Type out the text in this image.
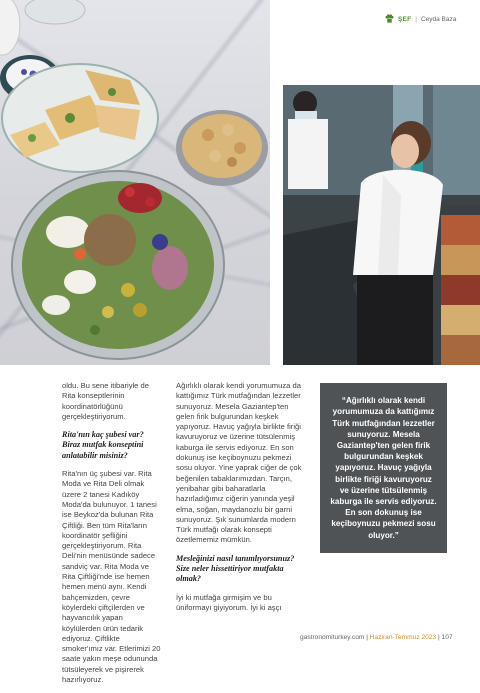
ŞEF | Ceyda Baza

oldu. Bu sene itibariyle de Rita konseptlerinin koordinatörlüğünü gerçekleştiriyorum.

Rita'nın kaç şubesi var? Biraz mutfak konseptini anlatabilir misiniz?

Rita'nın üç şubesi var. Rita Moda ve Rita Deli olmak üzere 2 tanesi Kadıköy Moda'da bulunuyor. 1 tanesi ise Beykoz'da bulunan Rita Çiftliği. Ben tüm Rita'ların koordinatör şefliğini gerçekleştiriyorum. Rita Deli'nin menüsünde sadece sandviç var. Rita Moda ve Rita Çiftliği'nde ise hemen hemen menü aynı. Kendi bahçemizden, çevre köylerdeki çiftçilerden ve hayvancılık yapan köylülerden ürün tedarik ediyoruz. Çiftlikte smoker'ımız var. Etlerimizi 20 saate yakın meşe odununda tütsüleyerek ve pişirerek hazırlıyoruz.

Ağırlıklı olarak kendi yorumumuza da kattığımız Türk mutfağından lezzetler sunuyoruz. Mesela Gaziantep'ten gelen firik bulgurundan keşkek yapıyoruz. Havuç yağıyla birlikte firiği kavuruyoruz ve üzerine tütsülenmiş kaburga ile servis ediyoruz. En son dokunuş ise keçiboynuzu pekmezi sosu oluyor. Yine yaprak ciğer de çok beğenilen tabaklarımızdan. Tarçın, yenibahar gibi baharatlarla hazırladığımız ciğerin yanında yeşil elma, soğan, maydanozlu bir garni sunuyoruz. Şık sunumlarda modern Türk mutfağı olarak konsepti özetlememiz mümkün.

Mesleğinizi nasıl tanımlıyorsunuz? Size neler hissettiriyor mutfakta olmak?

İyi ki mutfağa girmişim ve bu üniformayı giyiyorum. İyi ki aşçı

“Ağırlıklı olarak kendi yorumumuza da kattığımız Türk mutfağından lezzetler sunuyoruz. Mesela Gaziantep'ten gelen firik bulgurundan keşkek yapıyoruz. Havuç yağıyla birlikte firiği kavuruyoruz ve üzerine tütsülenmiş kaburga ile servis ediyoruz. En son dokunuş ise keçiboynuzu pekmezi sosu oluyor.”
gastronomiturkey.com | Haziran-Temmuz 2023 | 107
